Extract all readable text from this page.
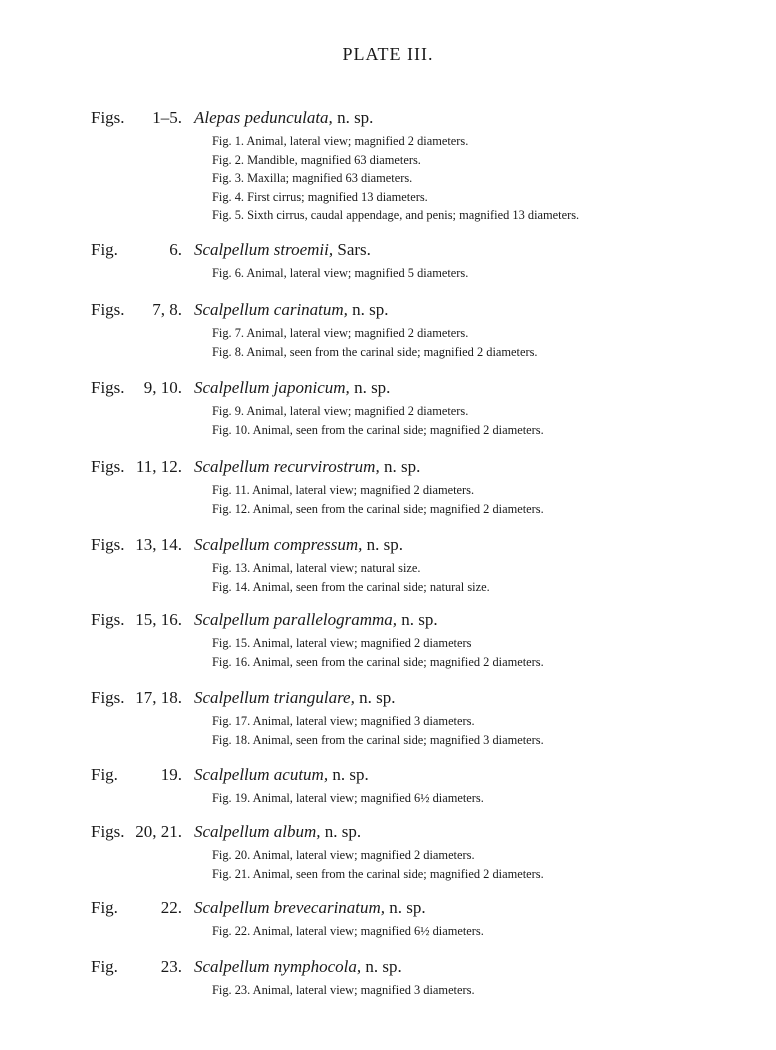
PLATE III.
Figs. 1–5. Alepas pedunculata, n. sp.
Fig. 1. Animal, lateral view; magnified 2 diameters.
Fig. 2. Mandible, magnified 63 diameters.
Fig. 3. Maxilla; magnified 63 diameters.
Fig. 4. First cirrus; magnified 13 diameters.
Fig. 5. Sixth cirrus, caudal appendage, and penis; magnified 13 diameters.
Fig.	6. Scalpellum stroemii, Sars.
Fig. 6. Animal, lateral view; magnified 5 diameters.
Figs. 7, 8. Scalpellum carinatum, n. sp.
Fig. 7. Animal, lateral view; magnified 2 diameters.
Fig. 8. Animal, seen from the carinal side; magnified 2 diameters.
Figs. 9, 10. Scalpellum japonicum, n. sp.
Fig. 9. Animal, lateral view; magnified 2 diameters.
Fig. 10. Animal, seen from the carinal side; magnified 2 diameters.
Figs. 11, 12. Scalpellum recurvirostrum, n. sp.
Fig. 11. Animal, lateral view; magnified 2 diameters.
Fig. 12. Animal, seen from the carinal side; magnified 2 diameters.
Figs. 13, 14. Scalpellum compressum, n. sp.
Fig. 13. Animal, lateral view; natural size.
Fig. 14. Animal, seen from the carinal side; natural size.
Figs. 15, 16. Scalpellum parallelogramma, n. sp.
Fig. 15. Animal, lateral view; magnified 2 diameters
Fig. 16. Animal, seen from the carinal side; magnified 2 diameters.
Figs. 17, 18. Scalpellum triangulare, n. sp.
Fig. 17. Animal, lateral view; magnified 3 diameters.
Fig. 18. Animal, seen from the carinal side; magnified 3 diameters.
Fig.	19. Scalpellum acutum, n. sp.
Fig. 19. Animal, lateral view; magnified 6½ diameters.
Figs. 20, 21. Scalpellum album, n. sp.
Fig. 20. Animal, lateral view; magnified 2 diameters.
Fig. 21. Animal, seen from the carinal side; magnified 2 diameters.
Fig.	22. Scalpellum brevecarinatum, n. sp.
Fig. 22. Animal, lateral view; magnified 6½ diameters.
Fig.	23. Scalpellum nymphocola, n. sp.
Fig. 23. Animal, lateral view; magnified 3 diameters.
